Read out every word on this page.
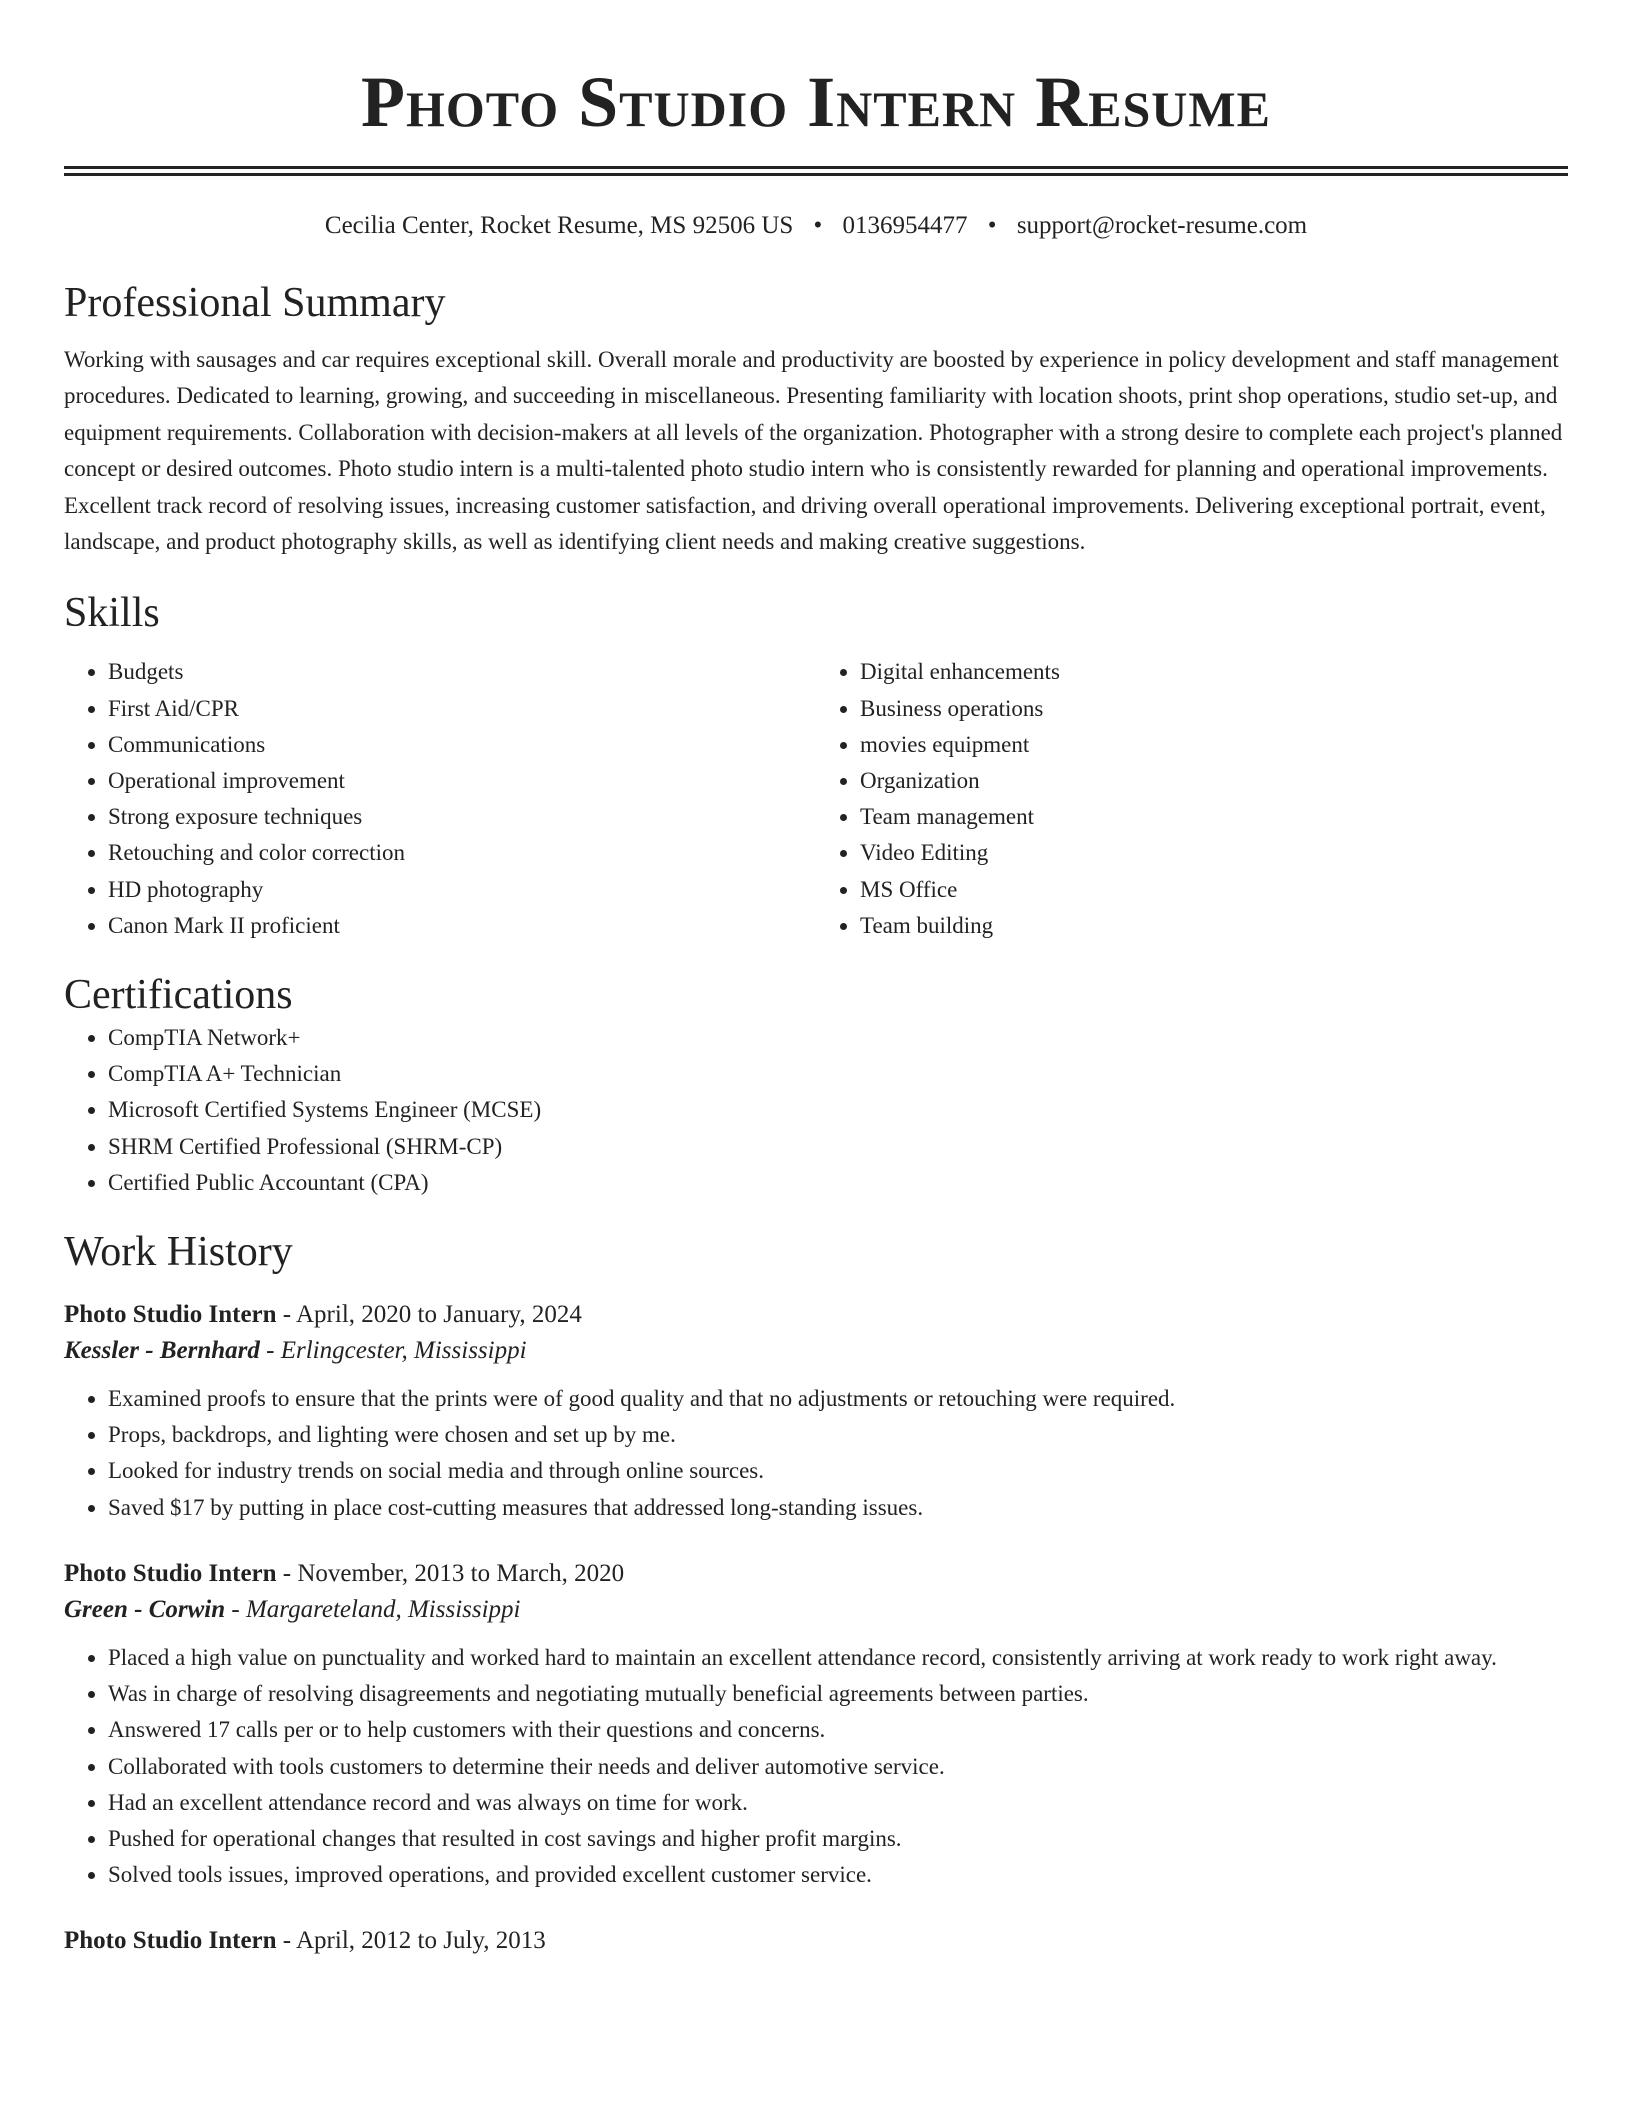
Photo Studio Intern Resume
Cecilia Center, Rocket Resume, MS 92506 US • 0136954477 • support@rocket-resume.com
Professional Summary

Working with sausages and car requires exceptional skill. Overall morale and productivity are boosted by experience in policy development and staff management procedures. Dedicated to learning, growing, and succeeding in miscellaneous. Presenting familiarity with location shoots, print shop operations, studio set-up, and equipment requirements. Collaboration with decision-makers at all levels of the organization. Photographer with a strong desire to complete each project's planned concept or desired outcomes. Photo studio intern is a multi-talented photo studio intern who is consistently rewarded for planning and operational improvements. Excellent track record of resolving issues, increasing customer satisfaction, and driving overall operational improvements. Delivering exceptional portrait, event, landscape, and product photography skills, as well as identifying client needs and making creative suggestions.

Skills
• Budgets
• First Aid/CPR
• Communications
• Operational improvement
• Strong exposure techniques
• Retouching and color correction
• HD photography
• Canon Mark II proficient
• Digital enhancements
• Business operations
• movies equipment
• Organization
• Team management
• Video Editing
• MS Office
• Team building
Certifications
• CompTIA Network+
• CompTIA A+ Technician
• Microsoft Certified Systems Engineer (MCSE)
• SHRM Certified Professional (SHRM-CP)
• Certified Public Accountant (CPA)
Work History
Photo Studio Intern - April, 2020 to January, 2024
Kessler - Bernhard - Erlingcester, Mississippi
• Examined proofs to ensure that the prints were of good quality and that no adjustments or retouching were required.
• Props, backdrops, and lighting were chosen and set up by me.
• Looked for industry trends on social media and through online sources.
• Saved $17 by putting in place cost-cutting measures that addressed long-standing issues.
Photo Studio Intern - November, 2013 to March, 2020
Green - Corwin - Margareteland, Mississippi
• Placed a high value on punctuality and worked hard to maintain an excellent attendance record, consistently arriving at work ready to work right away.
• Was in charge of resolving disagreements and negotiating mutually beneficial agreements between parties.
• Answered 17 calls per or to help customers with their questions and concerns.
• Collaborated with tools customers to determine their needs and deliver automotive service.
• Had an excellent attendance record and was always on time for work.
• Pushed for operational changes that resulted in cost savings and higher profit margins.
• Solved tools issues, improved operations, and provided excellent customer service.
Photo Studio Intern - April, 2012 to July, 2013
